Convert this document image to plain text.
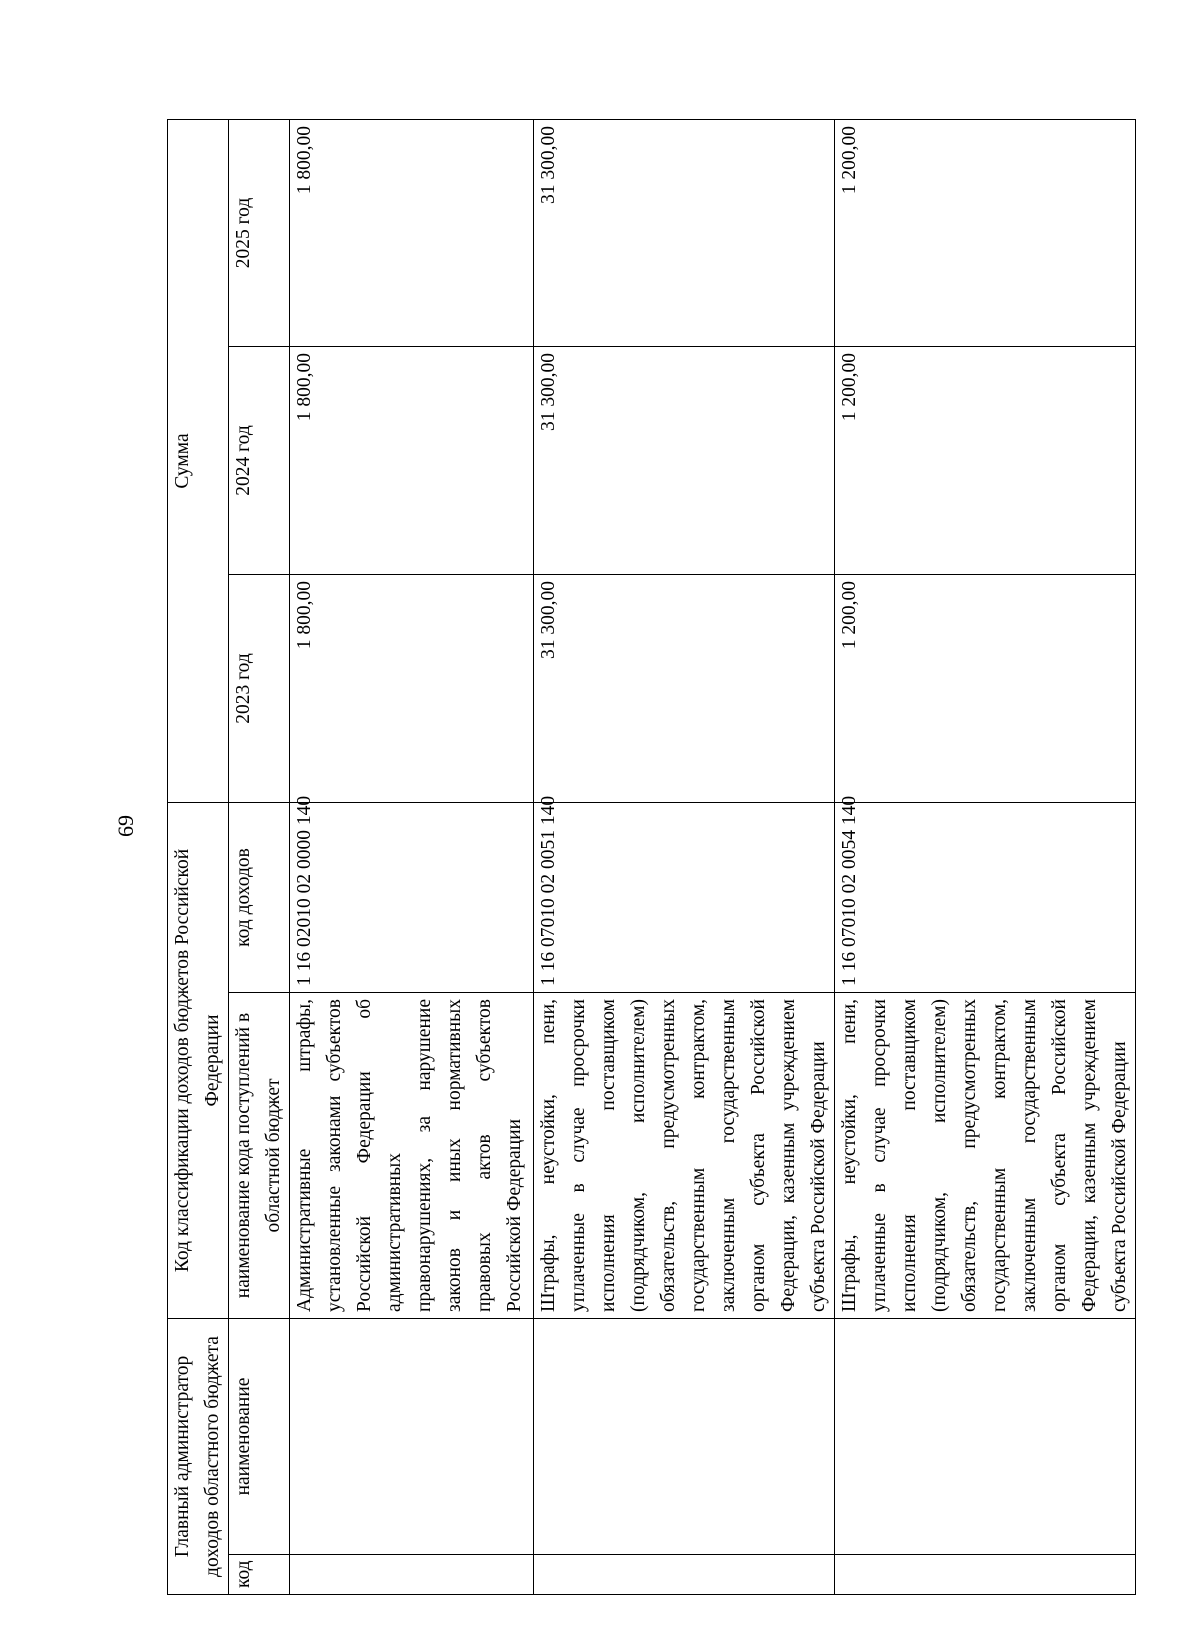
69
Главный администратор доходов областного бюджета		Код классификации доходов бюджетов Российской Федерации		Сумма		
код	наименование	наименование кода поступлений в областной бюджет	код доходов	2023 год	2024 год	2025 год
		Административные штрафы, установленные законами субъектов Российской Федерации об административных правонарушениях, за нарушение законов и иных нормативных правовых актов субъектов Российской Федерации	1 16 02010 02 0000 140	1 800,00	1 800,00	1 800,00
		Штрафы, неустойки, пени, уплаченные в случае просрочки исполнения поставщиком (подрядчиком, исполнителем) обязательств, предусмотренных государственным контрактом, заключенным государственным органом субъекта Российской Федерации, казенным учреждением субъекта Российской Федерации	1 16 07010 02 0051 140	31 300,00	31 300,00	31 300,00
		Штрафы, неустойки, пени, уплаченные в случае просрочки исполнения поставщиком (подрядчиком, исполнителем) обязательств, предусмотренных государственным контрактом, заключенным государственным органом субъекта Российской Федерации, казенным учреждением субъекта Российской Федерации	1 16 07010 02 0054 140	1 200,00	1 200,00	1 200,00
